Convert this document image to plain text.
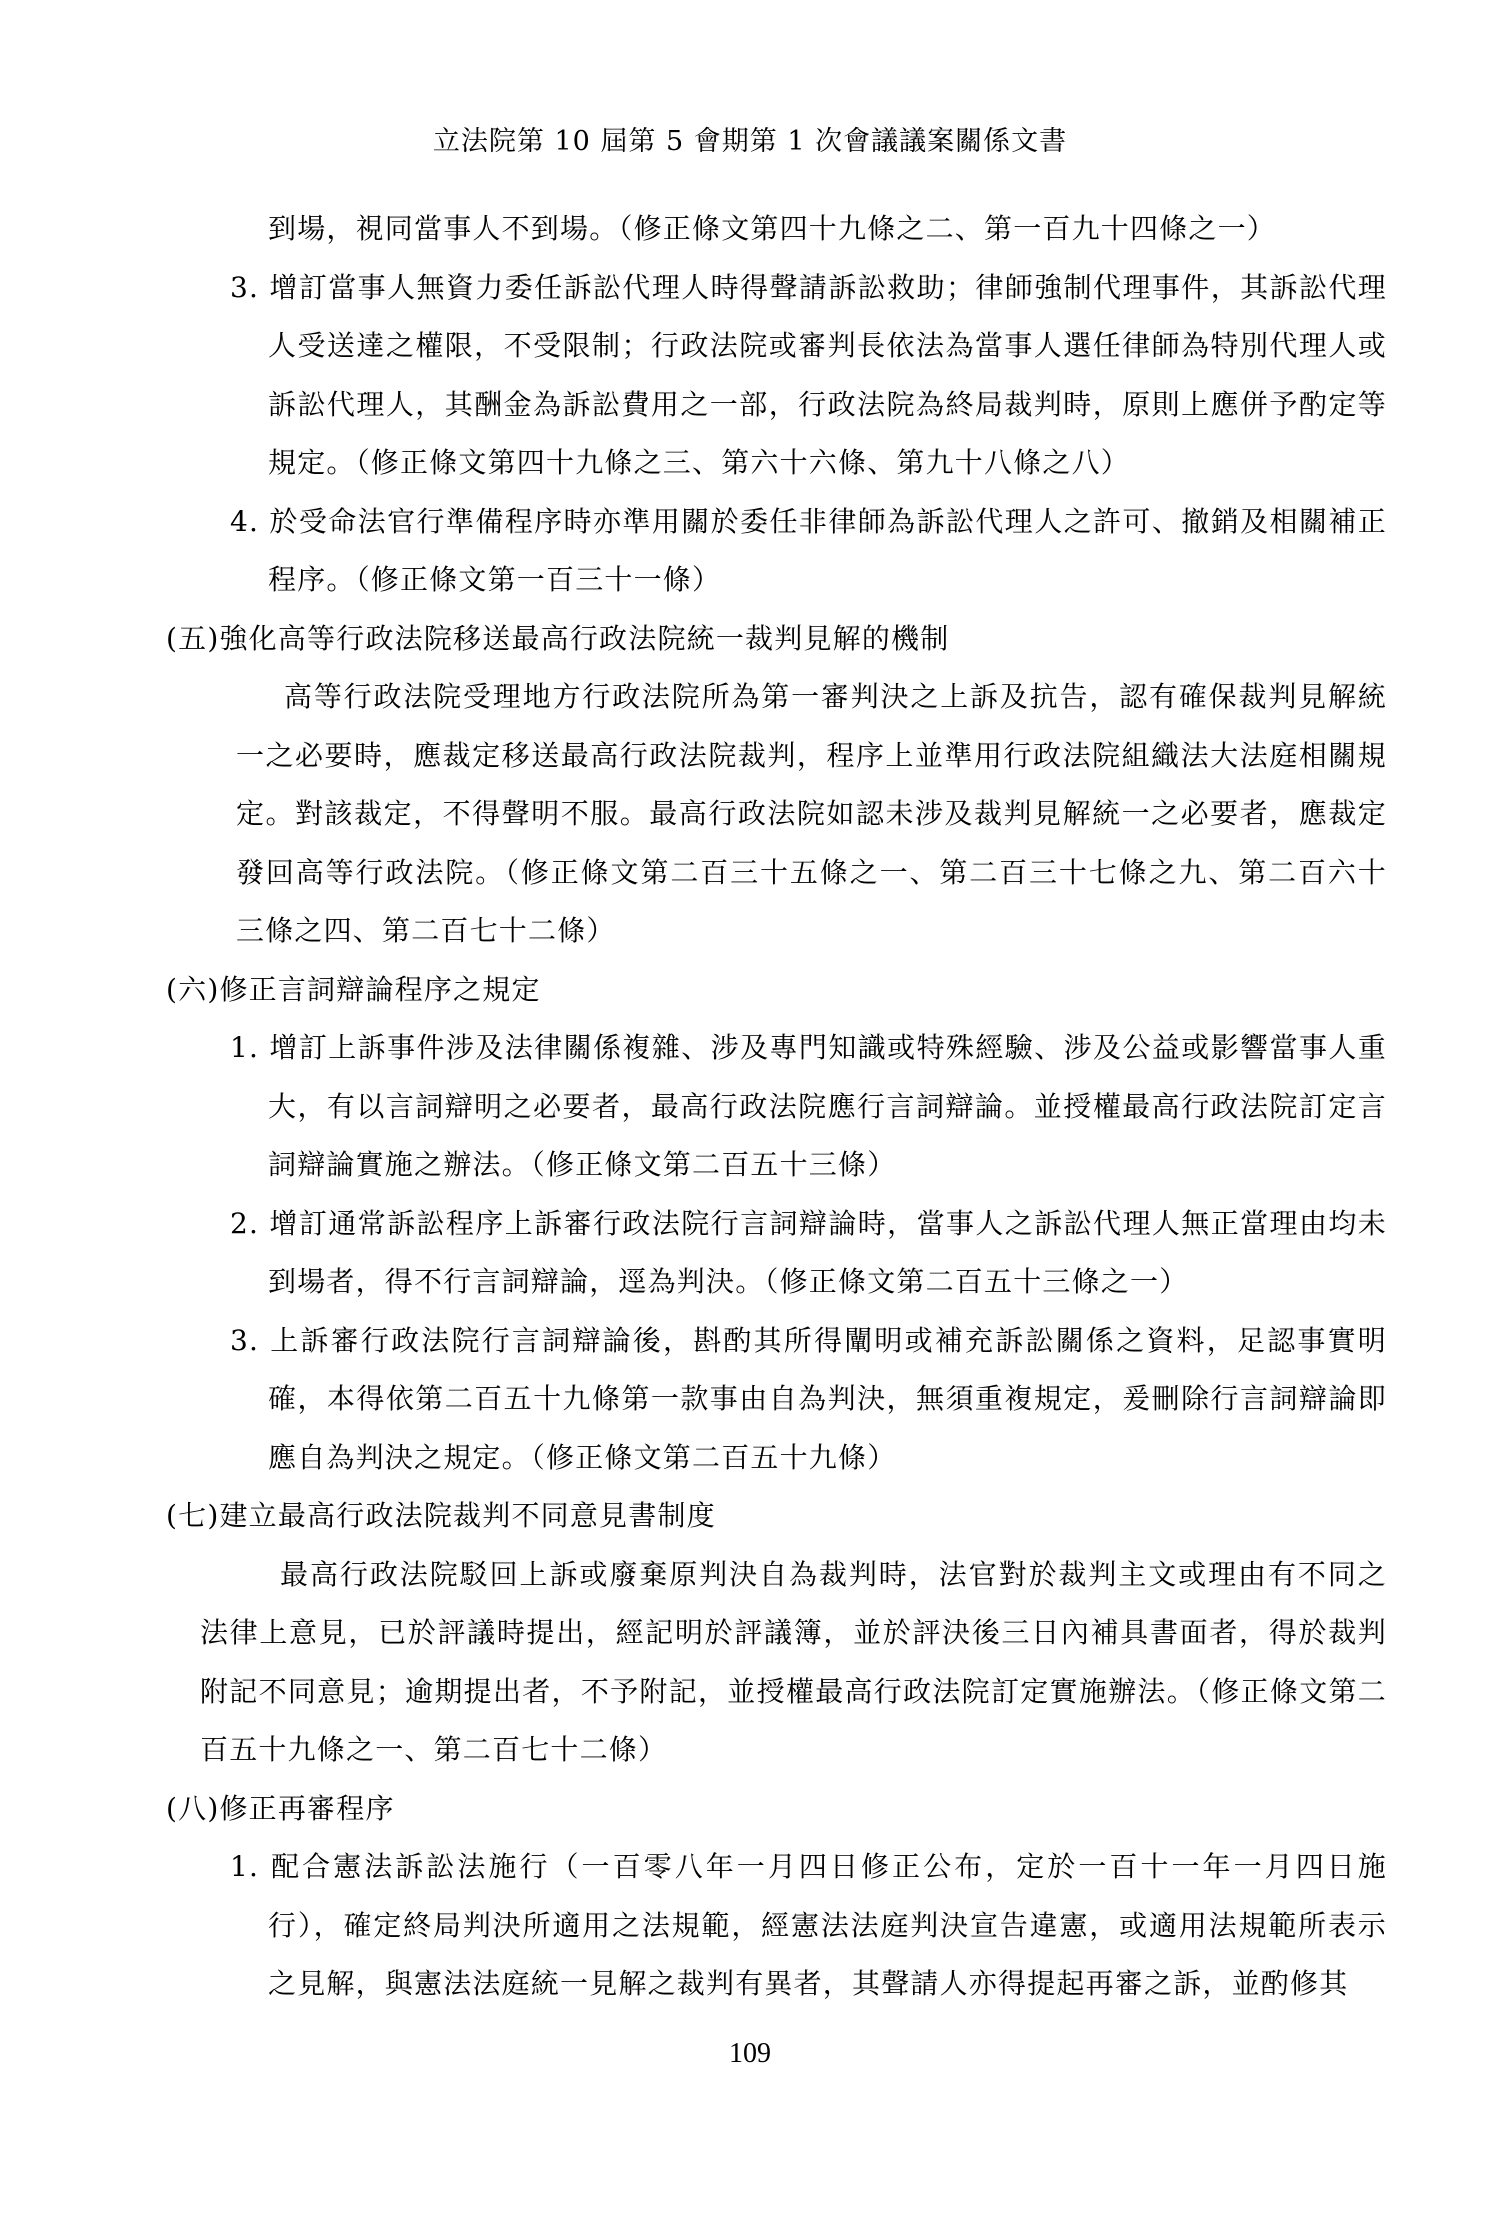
立法院第 10 屆第 5 會期第 1 次會議議案關係文書

到場，視同當事人不到場。（修正條文第四十九條之二、第一百九十四條之一）

3. 增訂當事人無資力委任訴訟代理人時得聲請訴訟救助；律師強制代理事件，其訴訟代理人受送達之權限，不受限制；行政法院或審判長依法為當事人選任律師為特別代理人或訴訟代理人，其酬金為訴訟費用之一部，行政法院為終局裁判時，原則上應併予酌定等規定。（修正條文第四十九條之三、第六十六條、第九十八條之八）

4. 於受命法官行準備程序時亦準用關於委任非律師為訴訟代理人之許可、撤銷及相關補正程序。（修正條文第一百三十一條）

(五)強化高等行政法院移送最高行政法院統一裁判見解的機制

高等行政法院受理地方行政法院所為第一審判決之上訴及抗告，認有確保裁判見解統一之必要時，應裁定移送最高行政法院裁判，程序上並準用行政法院組織法大法庭相關規定。對該裁定，不得聲明不服。最高行政法院如認未涉及裁判見解統一之必要者，應裁定發回高等行政法院。（修正條文第二百三十五條之一、第二百三十七條之九、第二百六十三條之四、第二百七十二條）

(六)修正言詞辯論程序之規定

1. 增訂上訴事件涉及法律關係複雜、涉及專門知識或特殊經驗、涉及公益或影響當事人重大，有以言詞辯明之必要者，最高行政法院應行言詞辯論。並授權最高行政法院訂定言詞辯論實施之辦法。（修正條文第二百五十三條）

2. 增訂通常訴訟程序上訴審行政法院行言詞辯論時，當事人之訴訟代理人無正當理由均未到場者，得不行言詞辯論，逕為判決。（修正條文第二百五十三條之一）

3. 上訴審行政法院行言詞辯論後，斟酌其所得闡明或補充訴訟關係之資料，足認事實明確，本得依第二百五十九條第一款事由自為判決，無須重複規定，爰刪除行言詞辯論即應自為判決之規定。（修正條文第二百五十九條）

(七)建立最高行政法院裁判不同意見書制度

最高行政法院駁回上訴或廢棄原判決自為裁判時，法官對於裁判主文或理由有不同之法律上意見，已於評議時提出，經記明於評議簿，並於評決後三日內補具書面者，得於裁判附記不同意見；逾期提出者，不予附記，並授權最高行政法院訂定實施辦法。（修正條文第二百五十九條之一、第二百七十二條）

(八)修正再審程序

1. 配合憲法訴訟法施行（一百零八年一月四日修正公布，定於一百十一年一月四日施行），確定終局判決所適用之法規範，經憲法法庭判決宣告違憲，或適用法規範所表示之見解，與憲法法庭統一見解之裁判有異者，其聲請人亦得提起再審之訴，並酌修其

109
